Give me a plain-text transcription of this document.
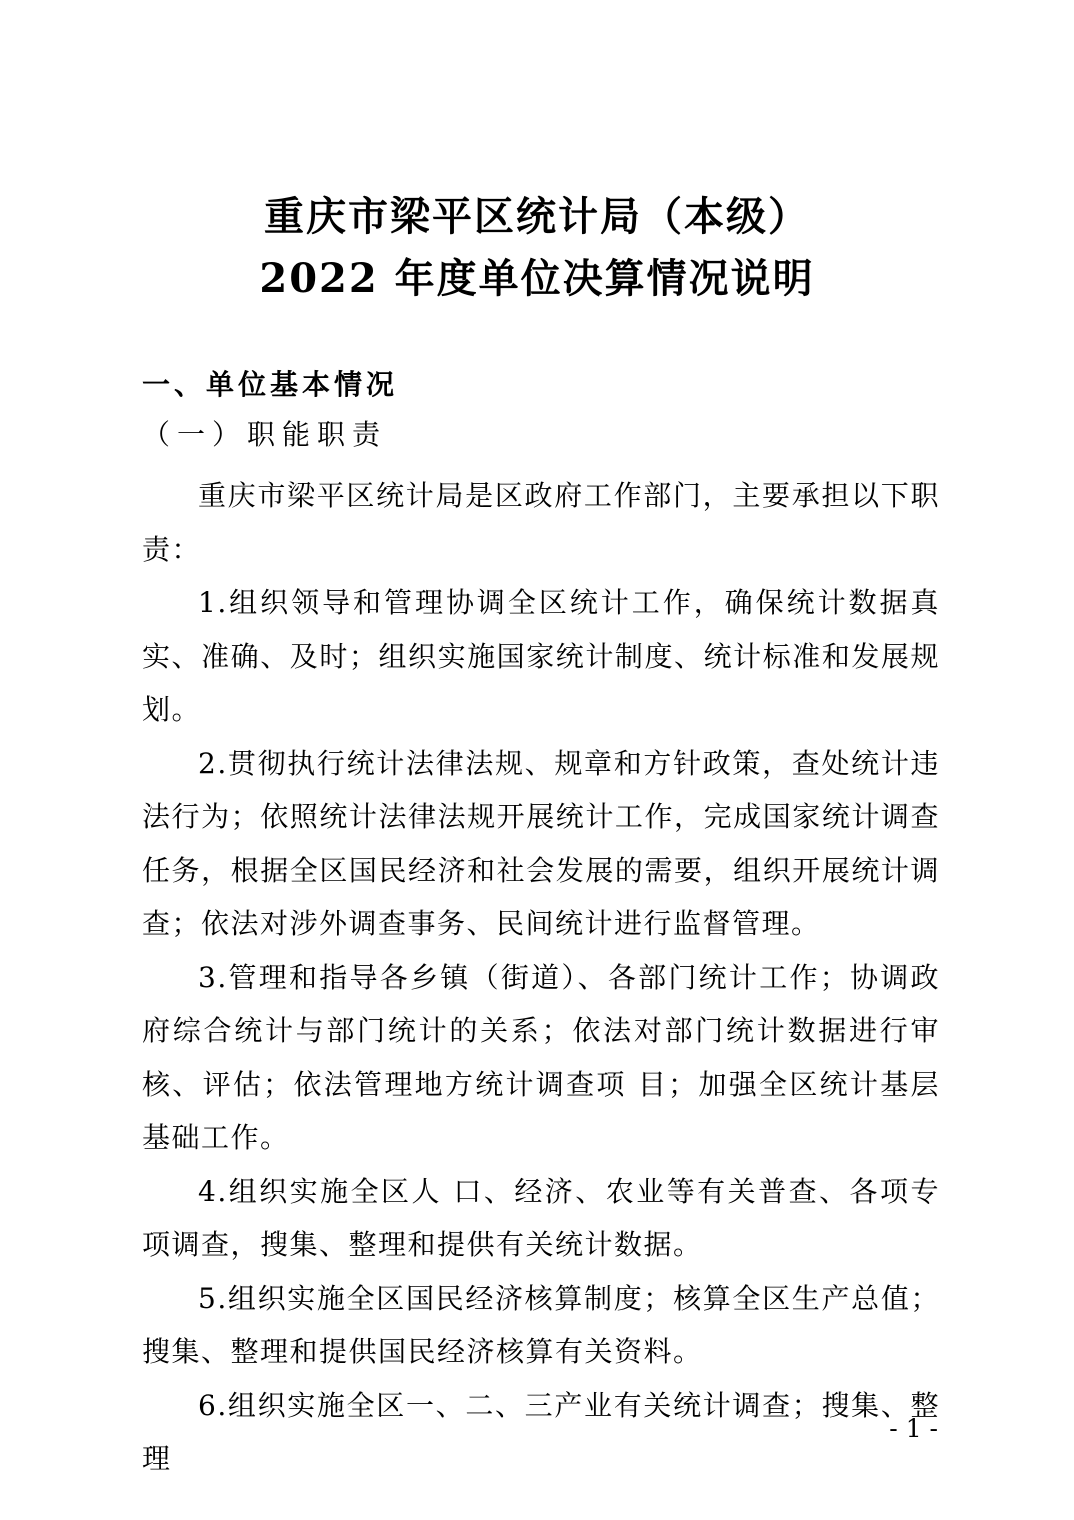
重庆市梁平区统计局（本级）
2022 年度单位决算情况说明
一、单位基本情况
（一）职能职责

重庆市梁平区统计局是区政府工作部门，主要承担以下职责：

1.组织领导和管理协调全区统计工作，确保统计数据真实、准确、及时；组织实施国家统计制度、统计标准和发展规划。

2.贯彻执行统计法律法规、规章和方针政策，查处统计违法行为；依照统计法律法规开展统计工作，完成国家统计调查任务，根据全区国民经济和社会发展的需要，组织开展统计调查；依法对涉外调查事务、民间统计进行监督管理。

3.管理和指导各乡镇（街道）、各部门统计工作；协调政府综合统计与部门统计的关系；依法对部门统计数据进行审核、评估；依法管理地方统计调查项 目；加强全区统计基层基础工作。

4.组织实施全区人 口、经济、农业等有关普查、各项专项调查，搜集、整理和提供有关统计数据。

5.组织实施全区国民经济核算制度；核算全区生产总值；搜集、整理和提供国民经济核算有关资料。

6.组织实施全区一、二、三产业有关统计调查；搜集、整理

- 1 -
